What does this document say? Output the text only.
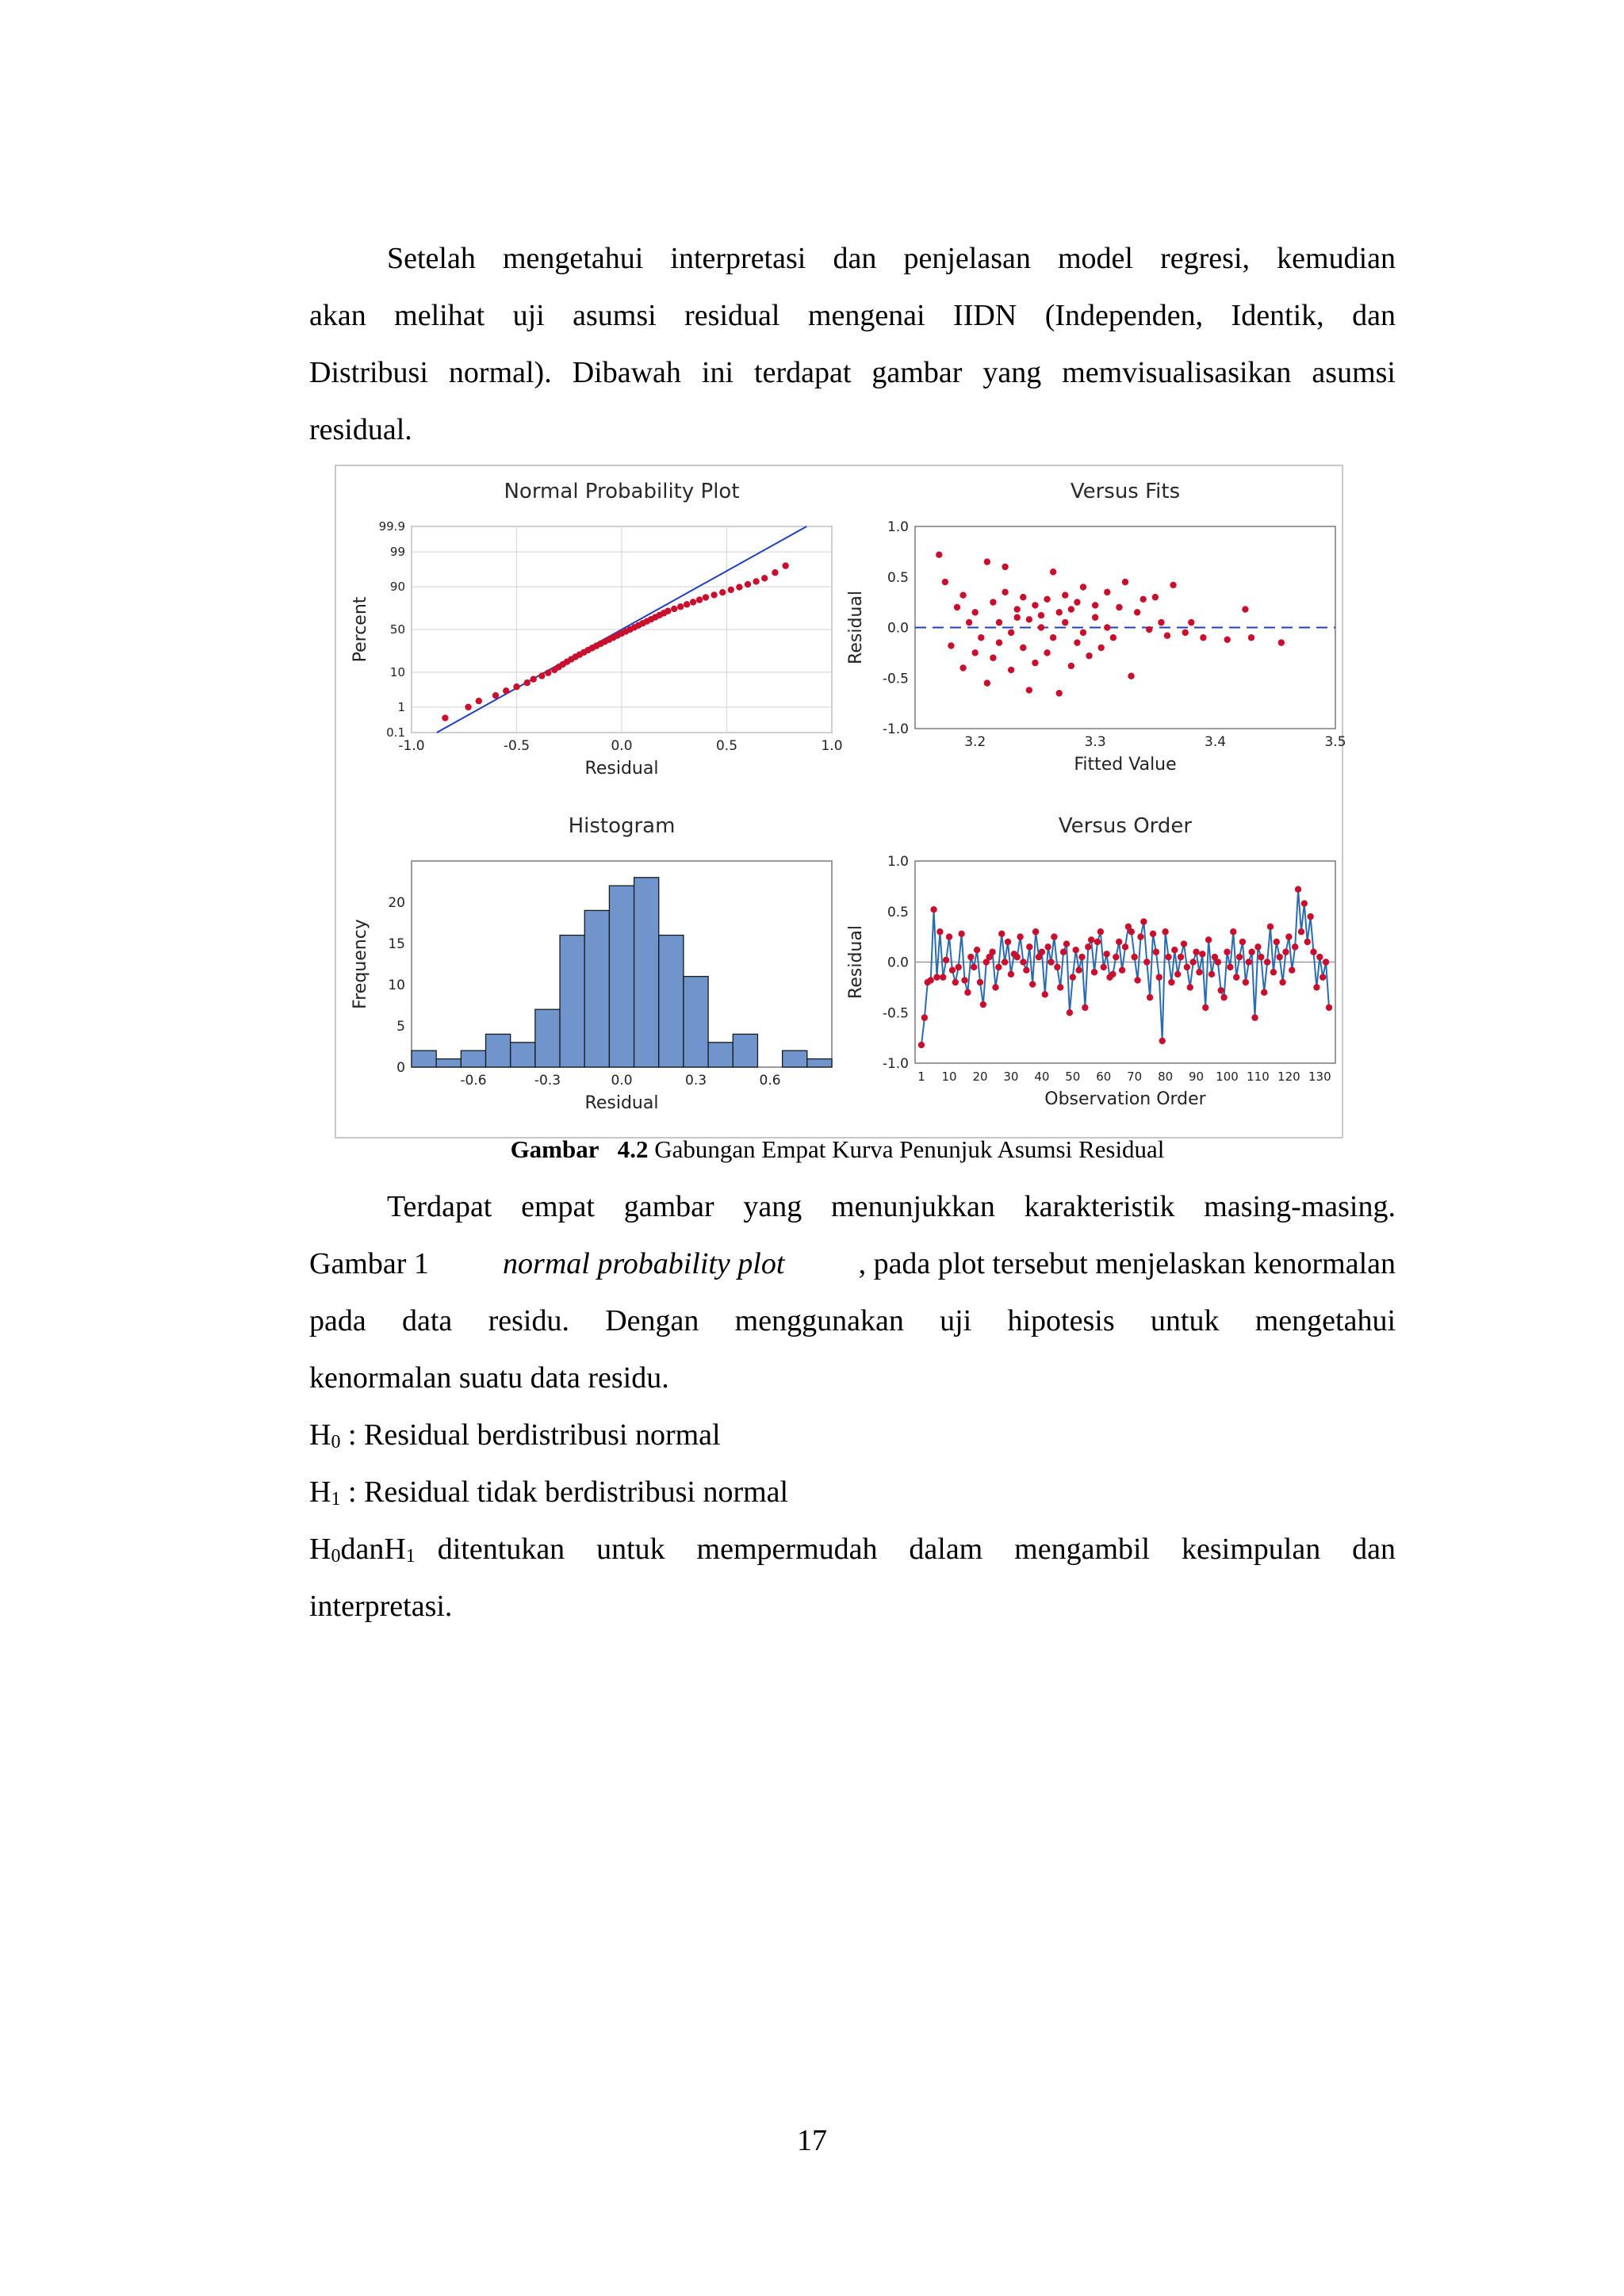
Setelah mengetahui interpretasi dan penjelasan model regresi, kemudian
akan melihat uji asumsi residual mengenai IIDN (Independen, Identik, dan
Distribusi normal). Dibawah ini terdapat gambar yang memvisualisasikan asumsi
residual.
Normal Probability Plot
-1.0	-0.5	0.0	0.5	1.0
0.1
1
10
50
90
99
99.9
Residual
Percent
Versus Fits
3.2	3.3	3.4	3.5
-1.0
-0.5
0.0
0.5
1.0
Fitted Value
Residual
Histogram
-0.6	-0.3	0.0	0.3	0.6
0
5
10
15
20
Residual
Frequency
Versus Order
1 10 20 30 40 50 60 70 80 90 100 110 120 130
-1.0
-0.5
0.0
0.5
1.0
Observation Order
Residual
Gambar 4.2 Gabungan Empat Kurva Penunjuk Asumsi Residual
Terdapat empat gambar yang menunjukkan karakteristik masing-masing.
Gambar 1 normal probability plot , pada plot tersebut menjelaskan kenormalan
pada data residu. Dengan menggunakan uji hipotesis untuk mengetahui
kenormalan suatu data residu.
$H_0$ : Residual berdistribusi normal
$H_1$ : Residual tidak berdistribusi normal
$H_0$ dan $H_1$ ditentukan untuk mempermudah dalam mengambil kesimpulan dan
interpretasi.
17
